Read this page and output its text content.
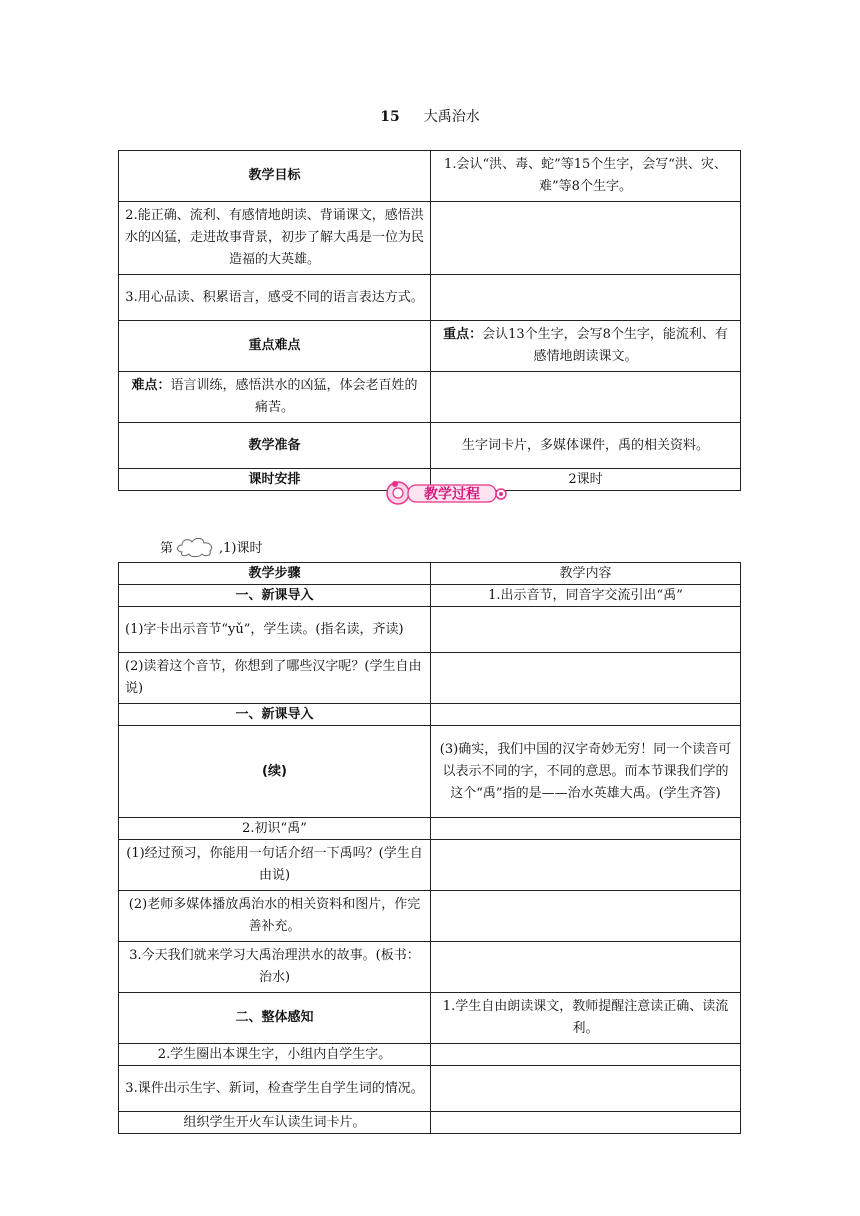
15 大禹治水
教学目标	1.会认“洪、毒、蛇”等15个生字，会写“洪、灾、难”等8个生字。
2.能正确、流利、有感情地朗读、背诵课文，感悟洪水的凶猛，走进故事背景，初步了解大禹是一位为民造福的大英雄。	
3.用心品读、积累语言，感受不同的语言表达方式。	
重点难点	重点：会认13个生字，会写8个生字，能流利、有感情地朗读课文。
难点：语言训练，感悟洪水的凶猛，体会老百姓的痛苦。	
教学准备	生字词卡片，多媒体课件，禹的相关资料。
课时安排	2课时
教学过程
第	,1)课时
教学步骤	教学内容
一、新课导入	1.出示音节，同音字交流引出“禹”
(1)字卡出示音节“yǔ”，学生读。(指名读，齐读)	
(2)读着这个音节，你想到了哪些汉字呢？(学生自由说)	
一、新课导入	
(续)	(3)确实，我们中国的汉字奇妙无穷！同一个读音可以表示不同的字，不同的意思。而本节课我们学的这个“禹”指的是——治水英雄大禹。(学生齐答)
2.初识“禹”	
(1)经过预习，你能用一句话介绍一下禹吗？(学生自由说)	
(2)老师多媒体播放禹治水的相关资料和图片，作完善补充。	
3.今天我们就来学习大禹治理洪水的故事。(板书：治水)	
二、整体感知	1.学生自由朗读课文，教师提醒注意读正确、读流利。
2.学生圈出本课生字，小组内自学生字。	
3.课件出示生字、新词，检查学生自学生词的情况。	
组织学生开火车认读生词卡片。	
